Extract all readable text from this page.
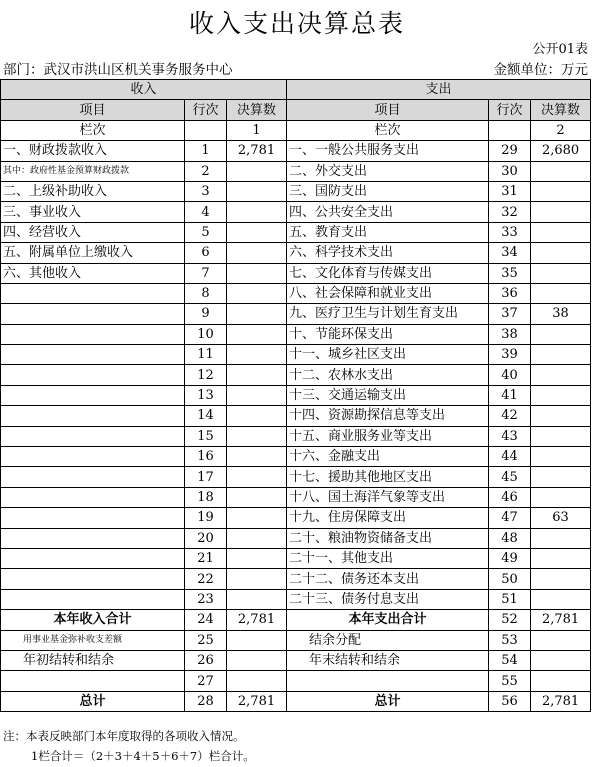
收入支出决算总表
公开01表
部门：武汉市洪山区机关事务服务中心	金额单位：万元
收入			支出		
项目	行次	决算数	项目	行次	决算数
栏次		1	栏次		2
一、财政拨款收入	1	2,781	一、一般公共服务支出	29	2,680
其中：政府性基金预算财政拨款	2		二、外交支出	30	
二、上级补助收入	3		三、国防支出	31	
三、事业收入	4		四、公共安全支出	32	
四、经营收入	5		五、教育支出	33	
五、附属单位上缴收入	6		六、科学技术支出	34	
六、其他收入	7		七、文化体育与传媒支出	35	
	8		八、社会保障和就业支出	36	
	9		九、医疗卫生与计划生育支出	37	38
	10		十、节能环保支出	38	
	11		十一、城乡社区支出	39	
	12		十二、农林水支出	40	
	13		十三、交通运输支出	41	
	14		十四、资源勘探信息等支出	42	
	15		十五、商业服务业等支出	43	
	16		十六、金融支出	44	
	17		十七、援助其他地区支出	45	
	18		十八、国土海洋气象等支出	46	
	19		十九、住房保障支出	47	63
	20		二十、粮油物资储备支出	48	
	21		二十一、其他支出	49	
	22		二十二、债务还本支出	50	
	23		二十三、债务付息支出	51	
本年收入合计	24	2,781	本年支出合计	52	2,781
用事业基金弥补收支差额	25		结余分配	53	
年初结转和结余	26		年末结转和结余	54	
	27			55	
总计	28	2,781	总计	56	2,781
注：本表反映部门本年度取得的各项收入情况。
1栏合计＝（2＋3＋4＋5＋6＋7）栏合计。
